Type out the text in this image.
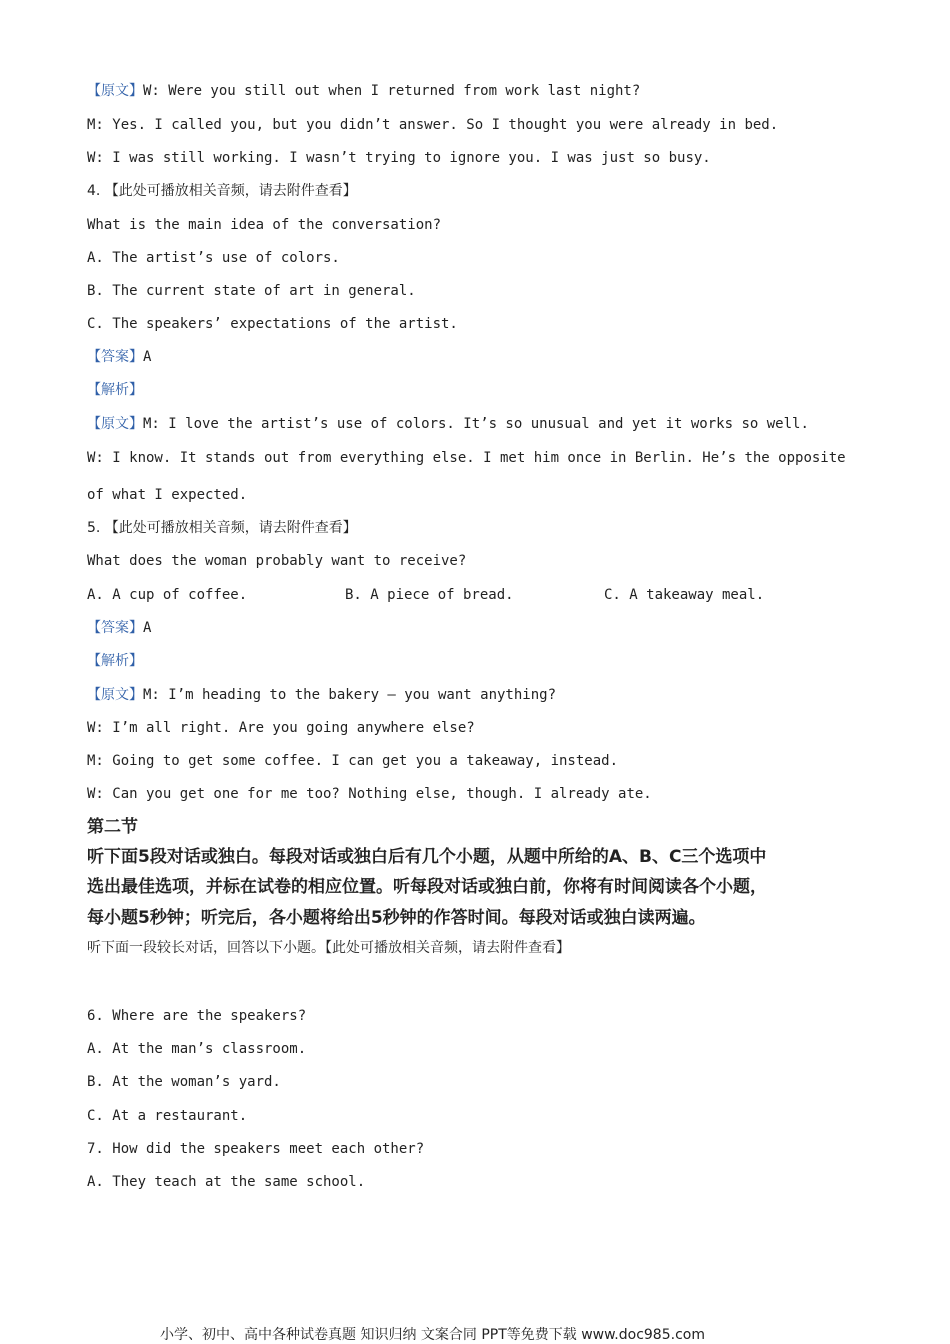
【原文】W: Were you still out when I returned from work last night?
M: Yes. I called you, but you didn’t answer. So I thought you were already in bed.
W: I was still working. I wasn’t trying to ignore you. I was just so busy.
4. 【此处可播放相关音频，请去附件查看】
What is the main idea of the conversation?
A. The artist’s use of colors.
B. The current state of art in general.
C. The speakers’ expectations of the artist.
【答案】A
【解析】
【原文】M: I love the artist’s use of colors. It’s so unusual and yet it works so well.
W: I know. It stands out from everything else. I met him once in Berlin. He’s the opposite
of what I expected.
5. 【此处可播放相关音频，请去附件查看】
What does the woman probably want to receive?
A. A cup of coffee.	B. A piece of bread.	C. A takeaway meal.
【答案】A
【解析】
【原文】M: I’m heading to the bakery — you want anything?
W: I’m all right. Are you going anywhere else?
M: Going to get some coffee. I can get you a takeaway, instead.
W: Can you get one for me too? Nothing else, though. I already ate.
第二节
听下面5段对话或独白。每段对话或独白后有几个小题，从题中所给的A、B、C三个选项中
选出最佳选项，并标在试卷的相应位置。听每段对话或独白前，你将有时间阅读各个小题，
每小题5秒钟；听完后，各小题将给出5秒钟的作答时间。每段对话或独白读两遍。
听下面一段较长对话，回答以下小题。【此处可播放相关音频，请去附件查看】
6. Where are the speakers?
A. At the man’s classroom.
B. At the woman’s yard.
C. At a restaurant.
7. How did the speakers meet each other?
A. They teach at the same school.
小学、初中、高中各种试卷真题 知识归纳 文案合同 PPT等免费下载 www.doc985.com
